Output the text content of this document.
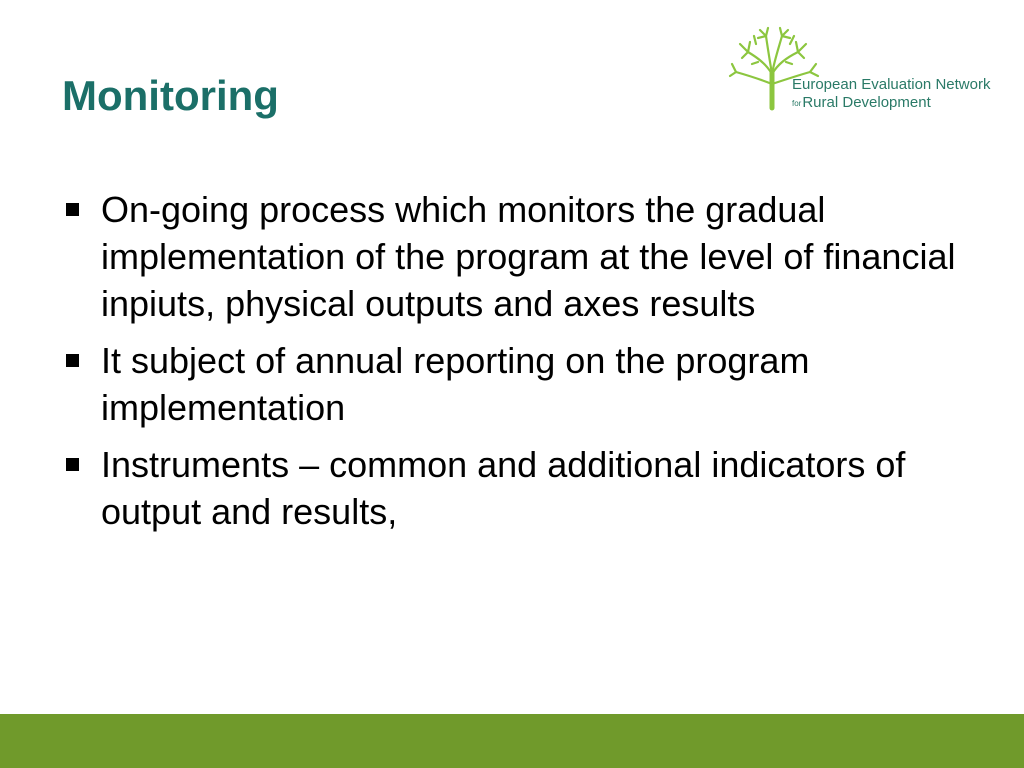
Monitoring	European Evaluation Network
forRural Development
On-going process which monitors the gradual implementation of the program at the level of financial inpiuts, physical outputs and axes results
It subject of annual reporting on the program implementation
Instruments – common and additional indicators of output and results,
